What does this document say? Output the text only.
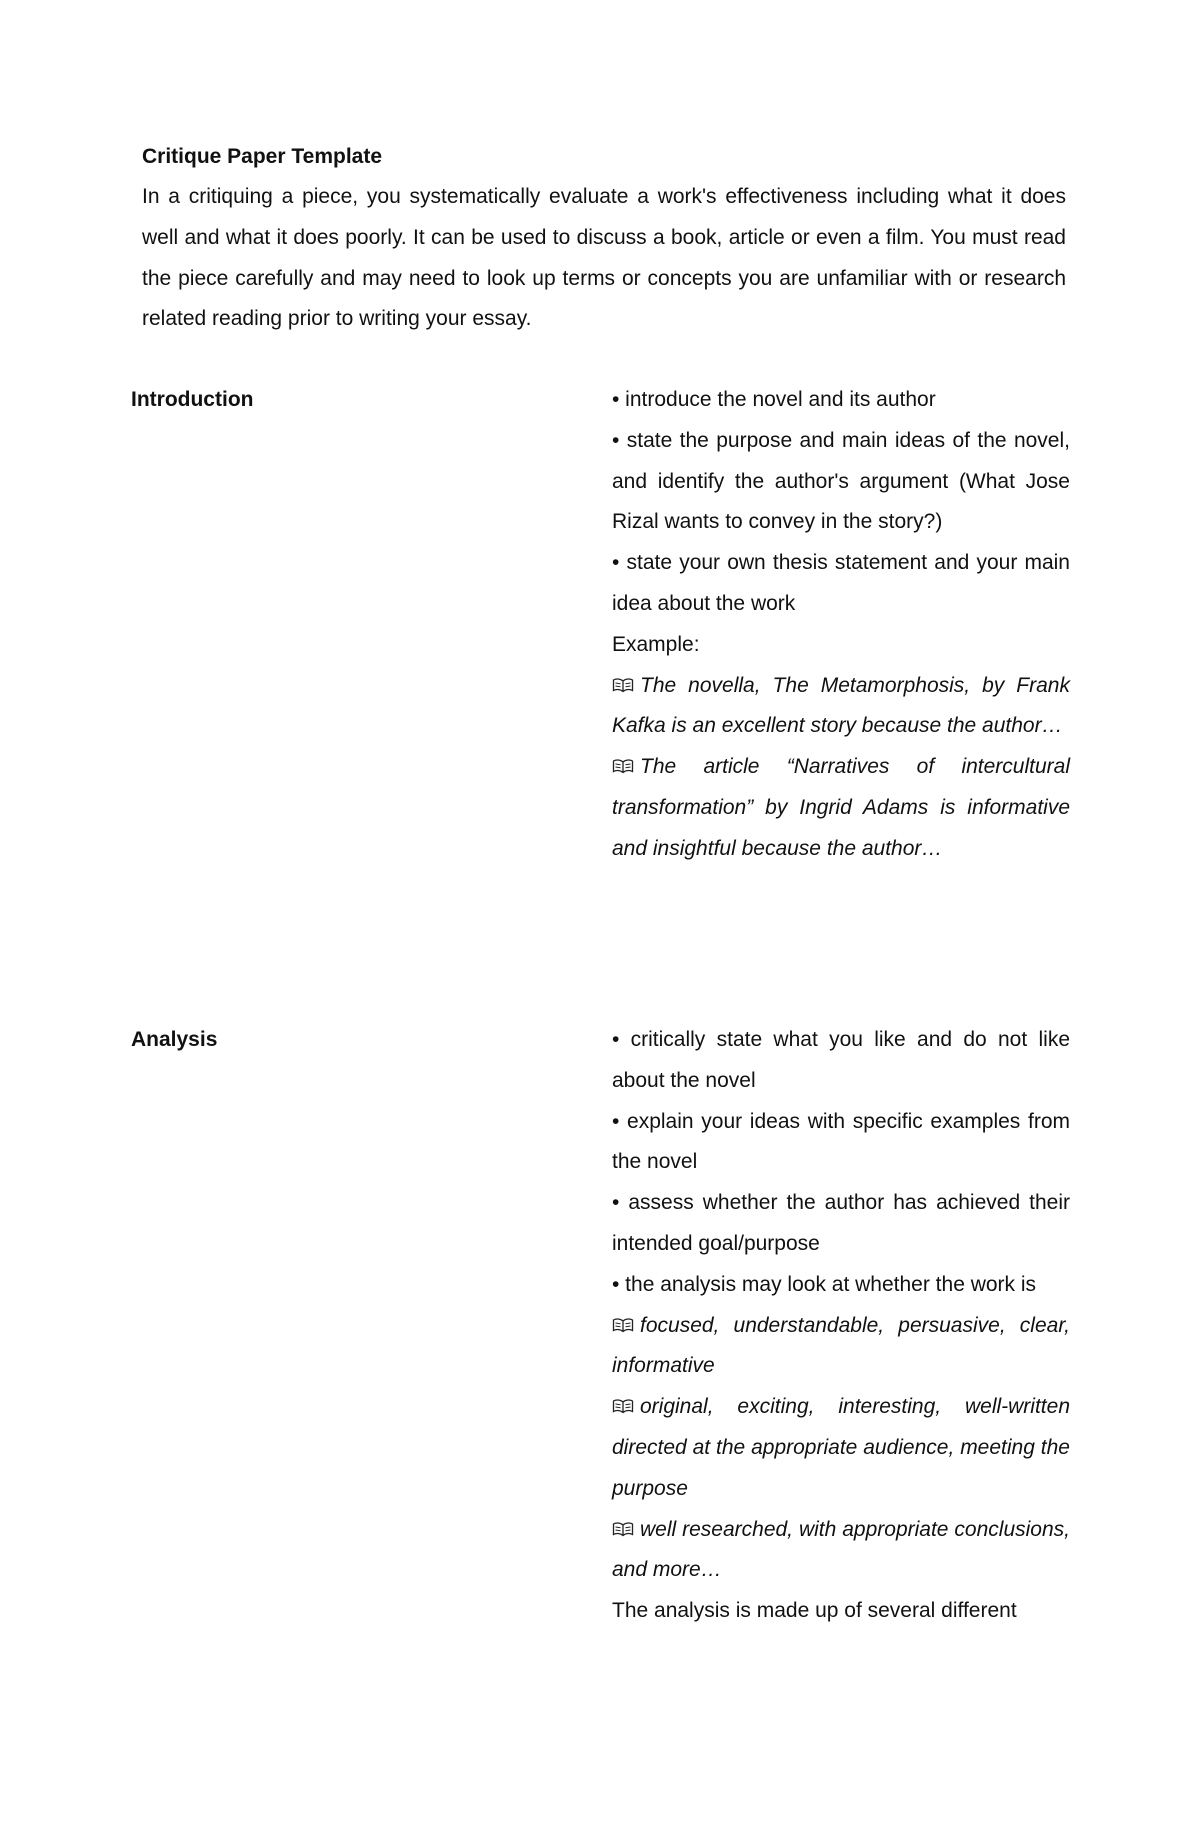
Critique Paper Template

In a critiquing a piece, you systematically evaluate a work's effectiveness including what it does well and what it does poorly. It can be used to discuss a book, article or even a film. You must read the piece carefully and may need to look up terms or concepts you are unfamiliar with or research related reading prior to writing your essay.

Introduction	• introduce the novel and its author

• state the purpose and main ideas of the novel, and identify the author's argument (What Jose Rizal wants to convey in the story?)

• state your own thesis statement and your main idea about the work

Example:

The novella, The Metamorphosis, by Frank Kafka is an excellent story because the author…

The article “Narratives of intercultural transformation” by Ingrid Adams is informative and insightful because the author…

Analysis	• critically state what you like and do not like about the novel

• explain your ideas with specific examples from the novel

• assess whether the author has achieved their intended goal/purpose

• the analysis may look at whether the work is

focused, understandable, persuasive, clear, informative

original, exciting, interesting, well-written directed at the appropriate audience, meeting the purpose

well researched, with appropriate conclusions, and more…

The analysis is made up of several different
